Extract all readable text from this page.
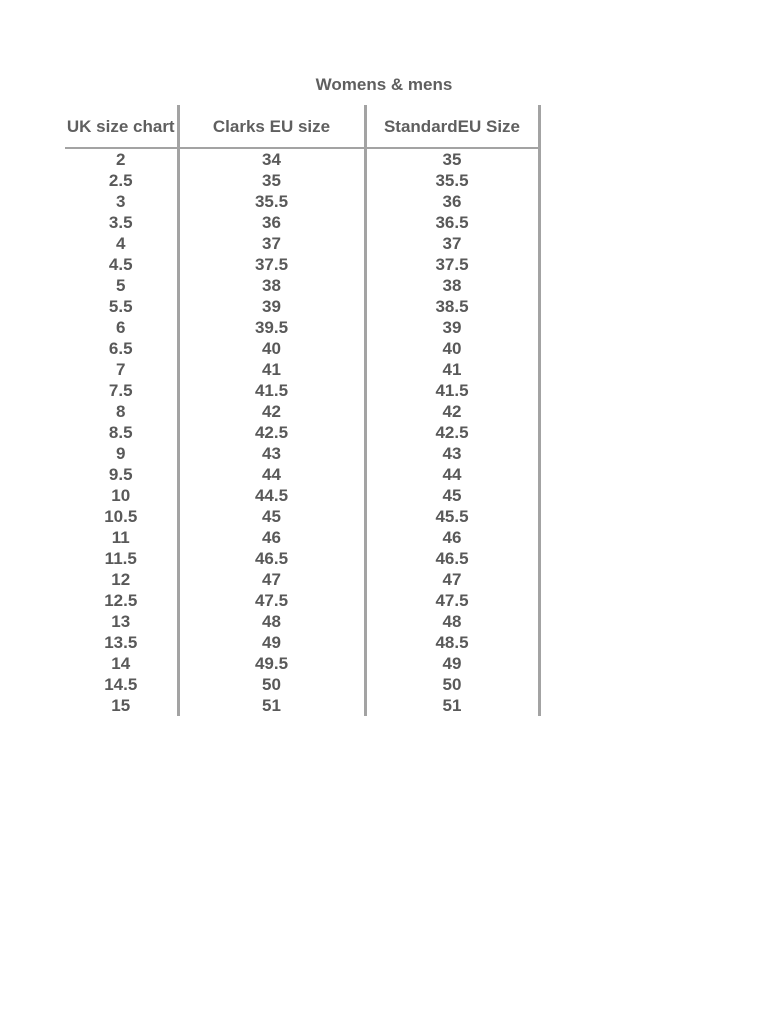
Womens & mens
UK size chart	Clarks EU size	StandardEU Size
2	34	35
2.5	35	35.5
3	35.5	36
3.5	36	36.5
4	37	37
4.5	37.5	37.5
5	38	38
5.5	39	38.5
6	39.5	39
6.5	40	40
7	41	41
7.5	41.5	41.5
8	42	42
8.5	42.5	42.5
9	43	43
9.5	44	44
10	44.5	45
10.5	45	45.5
11	46	46
11.5	46.5	46.5
12	47	47
12.5	47.5	47.5
13	48	48
13.5	49	48.5
14	49.5	49
14.5	50	50
15	51	51
